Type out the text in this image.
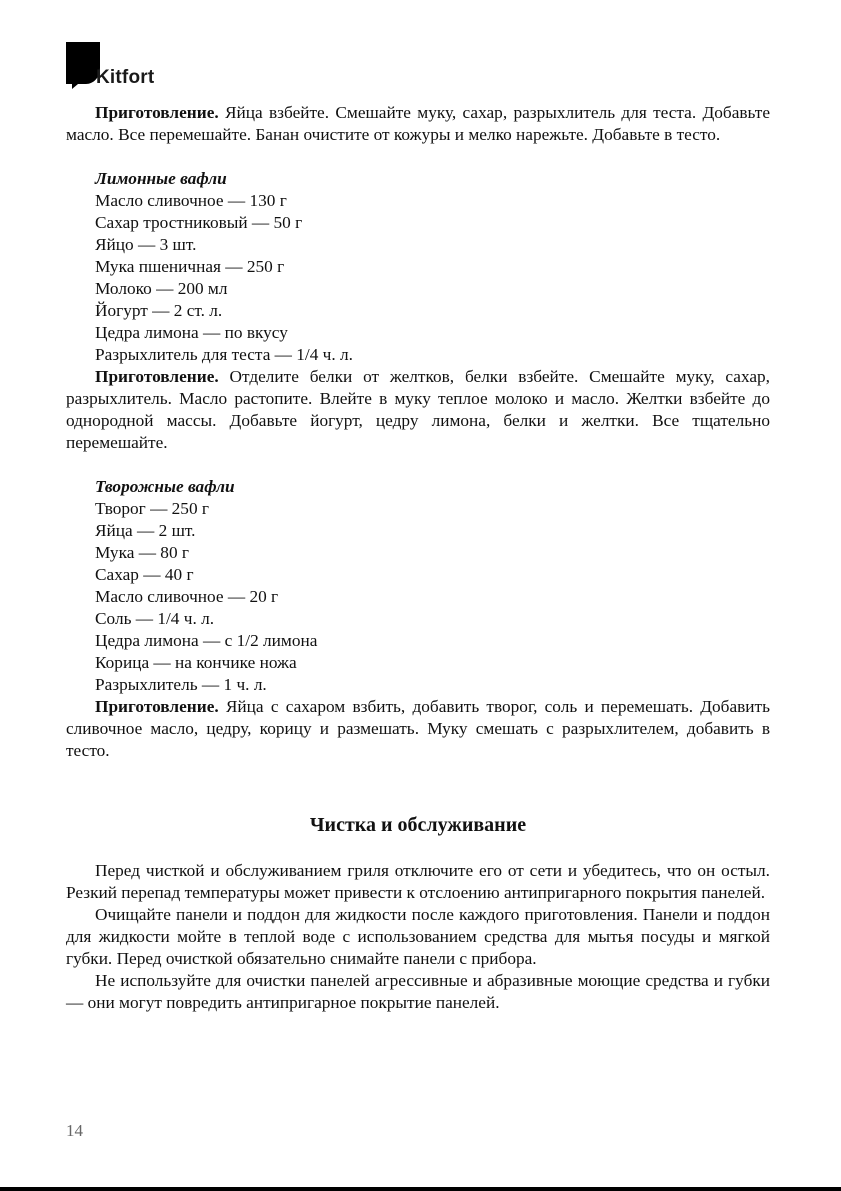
Kitfort

Приготовление. Яйца взбейте. Смешайте муку, сахар, разрыхлитель для теста. Добавьте масло. Все перемешайте. Банан очистите от кожуры и мелко нарежьте. Добавьте в тесто.

Лимонные вафли

Масло сливочное — 130 г

Сахар тростниковый — 50 г

Яйцо — 3 шт.

Мука пшеничная — 250 г

Молоко — 200 мл

Йогурт — 2 ст. л.

Цедра лимона — по вкусу

Разрыхлитель для теста — 1/4 ч. л.

Приготовление. Отделите белки от желтков, белки взбейте. Смешайте муку, сахар, разрыхлитель. Масло растопите. Влейте в муку теплое молоко и масло. Желтки взбейте до однородной массы. Добавьте йогурт, цедру лимона, белки и желтки. Все тщательно перемешайте.

Творожные вафли

Творог — 250 г

Яйца — 2 шт.

Мука — 80 г

Сахар — 40 г

Масло сливочное — 20 г

Соль — 1/4 ч. л.

Цедра лимона — с 1/2 лимона

Корица — на кончике ножа

Разрыхлитель — 1 ч. л.

Приготовление. Яйца с сахаром взбить, добавить творог, соль и перемешать. Добавить сливочное масло, цедру, корицу и размешать. Муку смешать с разрыхлителем, добавить в тесто.

Чистка и обслуживание

Перед чисткой и обслуживанием гриля отключите его от сети и убедитесь, что он остыл. Резкий перепад температуры может привести к отслоению антипригарного покрытия панелей.

Очищайте панели и поддон для жидкости после каждого приготовления. Панели и поддон для жидкости мойте в теплой воде с использованием средства для мытья посуды и мягкой губки. Перед очисткой обязательно снимайте панели с прибора.

Не используйте для очистки панелей агрессивные и абразивные моющие средства и губки — они могут повредить антипригарное покрытие панелей.

14
